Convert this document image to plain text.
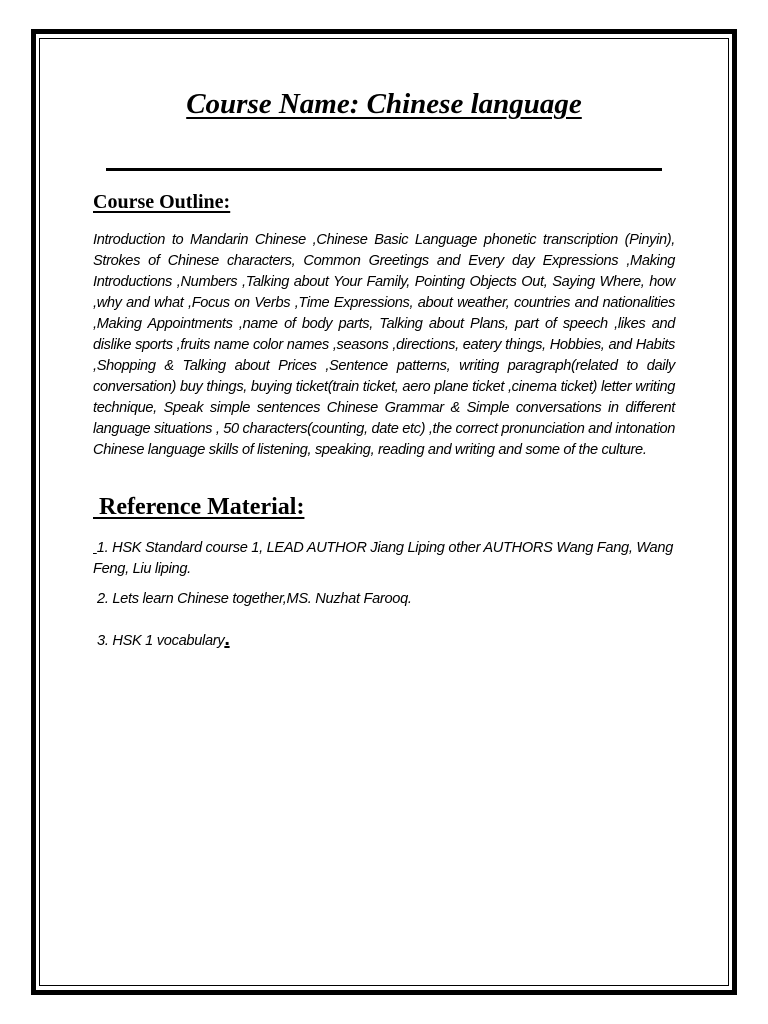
Course Name: Chinese language
Course Outline:
Introduction to Mandarin Chinese ,Chinese Basic Language phonetic transcription (Pinyin), Strokes of Chinese characters, Common Greetings and Every day Expressions ,Making Introductions ,Numbers ,Talking about Your Family, Pointing Objects Out, Saying Where, how ,why and what ,Focus on Verbs ,Time Expressions, about weather, countries and nationalities ,Making Appointments ,name of body parts, Talking about Plans, part of speech ,likes and dislike sports ,fruits name color names ,seasons ,directions, eatery things, Hobbies, and Habits ,Shopping & Talking about Prices ,Sentence patterns, writing paragraph(related to daily conversation) buy things, buying ticket(train ticket, aero plane ticket ,cinema ticket) letter writing technique, Speak simple sentences Chinese Grammar & Simple conversations in different language situations , 50 characters(counting, date etc) ,the correct pronunciation and intonation Chinese language skills of listening, speaking, reading and writing and some of the culture.
Reference Material:
1. HSK Standard course 1, LEAD AUTHOR Jiang Liping other AUTHORS Wang Fang, Wang Feng, Liu liping.
2. Lets learn Chinese together,MS. Nuzhat Farooq.
3. HSK 1 vocabulary.
